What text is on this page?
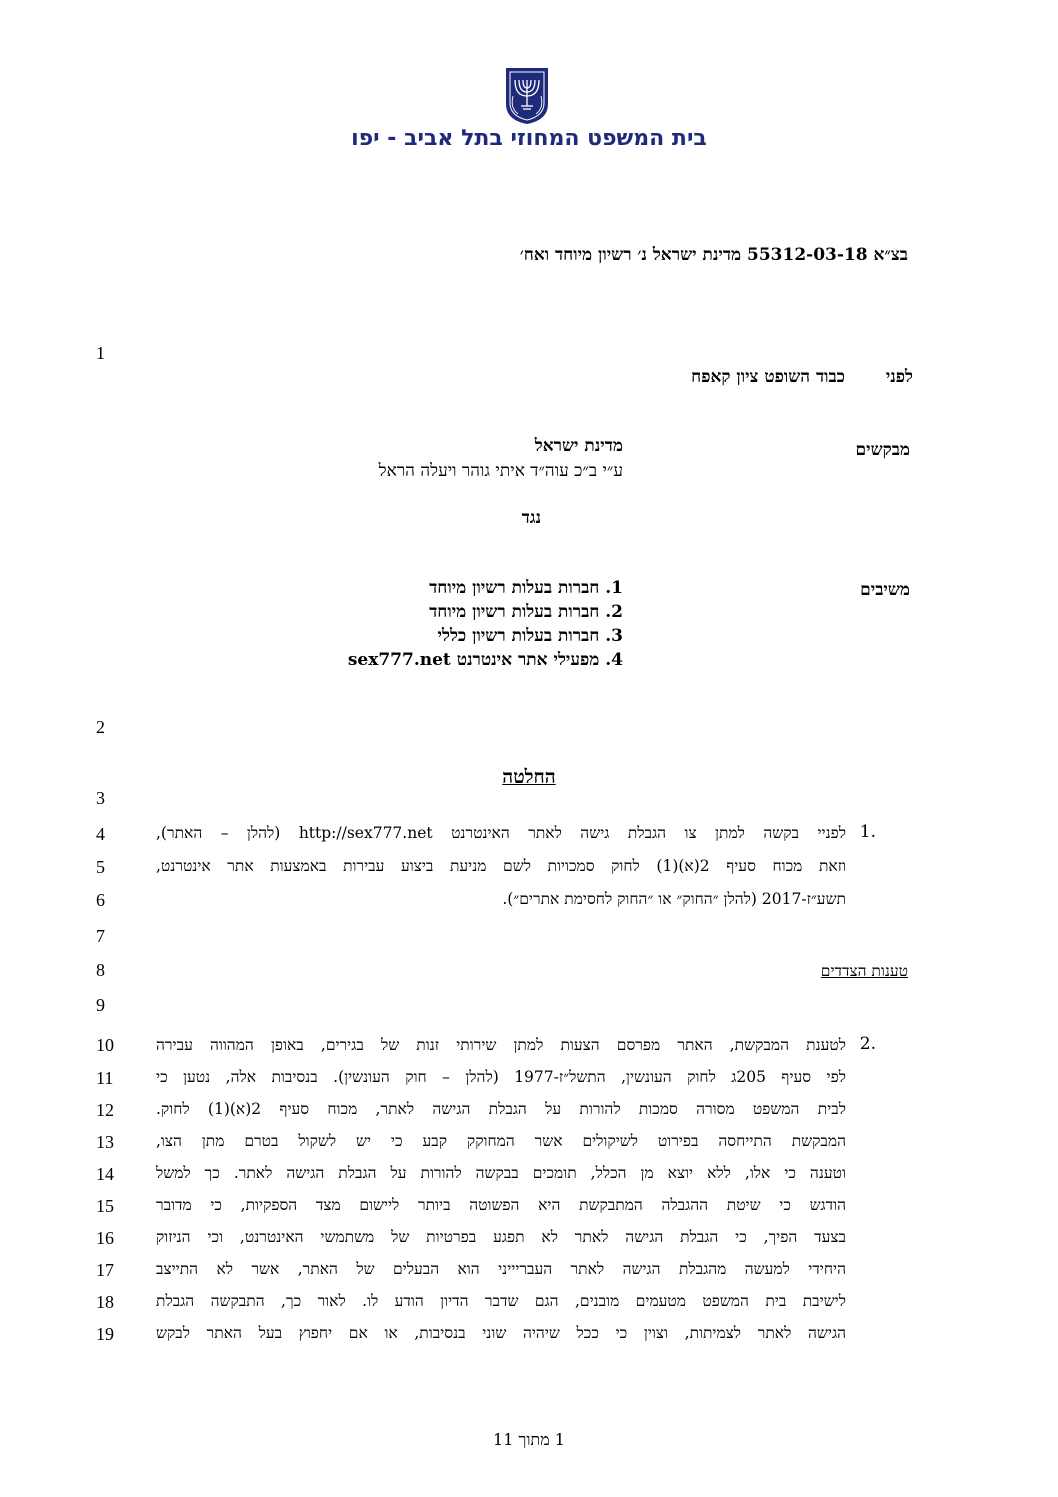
בית המשפט המחוזי בתל אביב - יפו
בצ״א 55312-03-18 מדינת ישראל נ׳ רשיון מיוחד ואח׳
1
2
3
4
5
6
7
8
9
10
11
12
13
14
15
16
17
18
19
לפני
כבוד השופט ציון קאפח
מבקשים
מדינת ישראל
ע״י ב״כ עוה״ד איתי גוהר ויעלה הראל
נגד
משיבים
1. חברות בעלות רשיון מיוחד
2. חברות בעלות רשיון מיוחד
3. חברות בעלות רשיון כללי
4. מפעילי אתר אינטרנט sex777.net
החלטה
1.
לפניי בקשה למתן צו הגבלת גישה לאתר האינטרנט http://sex777.net (להלן – האתר),
וזאת מכוח סעיף 2(א)(1) לחוק סמכויות לשם מניעת ביצוע עבירות באמצעות אתר אינטרנט,
תשע״ז-2017 (להלן ״החוק״ או ״החוק לחסימת אתרים״).
טענות הצדדים
2.
לטענת המבקשת, האתר מפרסם הצעות למתן שירותי זנות של בגירים, באופן המהווה עבירה
לפי סעיף 205ג לחוק העונשין, התשל״ז-1977 (להלן – חוק העונשין). בנסיבות אלה, נטען כי
לבית המשפט מסורה סמכות להורות על הגבלת הגישה לאתר, מכוח סעיף 2(א)(1) לחוק.
המבקשת התייחסה בפירוט לשיקולים אשר המחוקק קבע כי יש לשקול בטרם מתן הצו,
וטענה כי אלו, ללא יוצא מן הכלל, תומכים בבקשה להורות על הגבלת הגישה לאתר. כך למשל
הודגש כי שיטת ההגבלה המתבקשת היא הפשוטה ביותר ליישום מצד הספקיות, כי מדובר
בצעד הפיך, כי הגבלת הגישה לאתר לא תפגע בפרטיות של משתמשי האינטרנט, וכי הניזוק
היחידי למעשה מהגבלת הגישה לאתר העבריייני הוא הבעלים של האתר, אשר לא התייצב
לישיבת בית המשפט מטעמים מובנים, הגם שדבר הדיון הודע לו. לאור כך, התבקשה הגבלת
הגישה לאתר לצמיתות, וצוין כי ככל שיהיה שוני בנסיבות, או אם יחפוץ בעל האתר לבקש
1 מתוך 11
